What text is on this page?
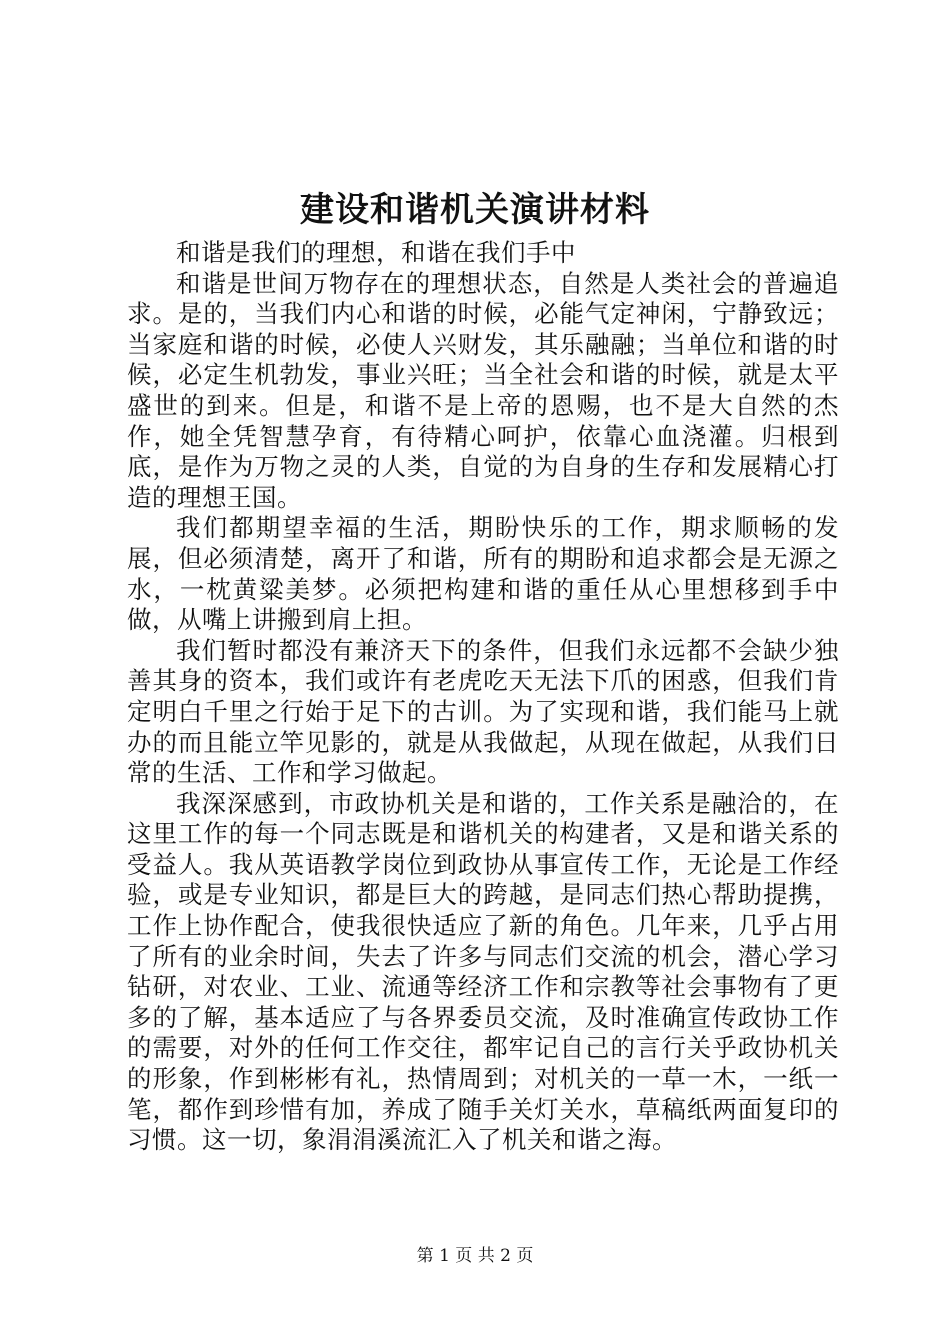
建设和谐机关演讲材料

和谐是我们的理想，和谐在我们手中

和谐是世间万物存在的理想状态，自然是人类社会的普遍追求。是的，当我们内心和谐的时候，必能气定神闲，宁静致远；当家庭和谐的时候，必使人兴财发，其乐融融；当单位和谐的时候，必定生机勃发，事业兴旺；当全社会和谐的时候，就是太平盛世的到来。但是，和谐不是上帝的恩赐，也不是大自然的杰作，她全凭智慧孕育，有待精心呵护，依靠心血浇灌。归根到底，是作为万物之灵的人类，自觉的为自身的生存和发展精心打造的理想王国。

我们都期望幸福的生活，期盼快乐的工作，期求顺畅的发展，但必须清楚，离开了和谐，所有的期盼和追求都会是无源之水，一枕黄粱美梦。必须把构建和谐的重任从心里想移到手中做，从嘴上讲搬到肩上担。

我们暂时都没有兼济天下的条件，但我们永远都不会缺少独善其身的资本，我们或许有老虎吃天无法下爪的困惑，但我们肯定明白千里之行始于足下的古训。为了实现和谐，我们能马上就办的而且能立竿见影的，就是从我做起，从现在做起，从我们日常的生活、工作和学习做起。

我深深感到，市政协机关是和谐的，工作关系是融洽的，在这里工作的每一个同志既是和谐机关的构建者，又是和谐关系的受益人。我从英语教学岗位到政协从事宣传工作，无论是工作经验，或是专业知识，都是巨大的跨越，是同志们热心帮助提携，工作上协作配合，使我很快适应了新的角色。几年来，几乎占用了所有的业余时间，失去了许多与同志们交流的机会，潜心学习钻研，对农业、工业、流通等经济工作和宗教等社会事物有了更多的了解，基本适应了与各界委员交流，及时准确宣传政协工作的需要，对外的任何工作交往，都牢记自己的言行关乎政协机关的形象，作到彬彬有礼，热情周到；对机关的一草一木，一纸一笔，都作到珍惜有加，养成了随手关灯关水，草稿纸两面复印的习惯。这一切，象涓涓溪流汇入了机关和谐之海。

第 1 页 共 2 页
